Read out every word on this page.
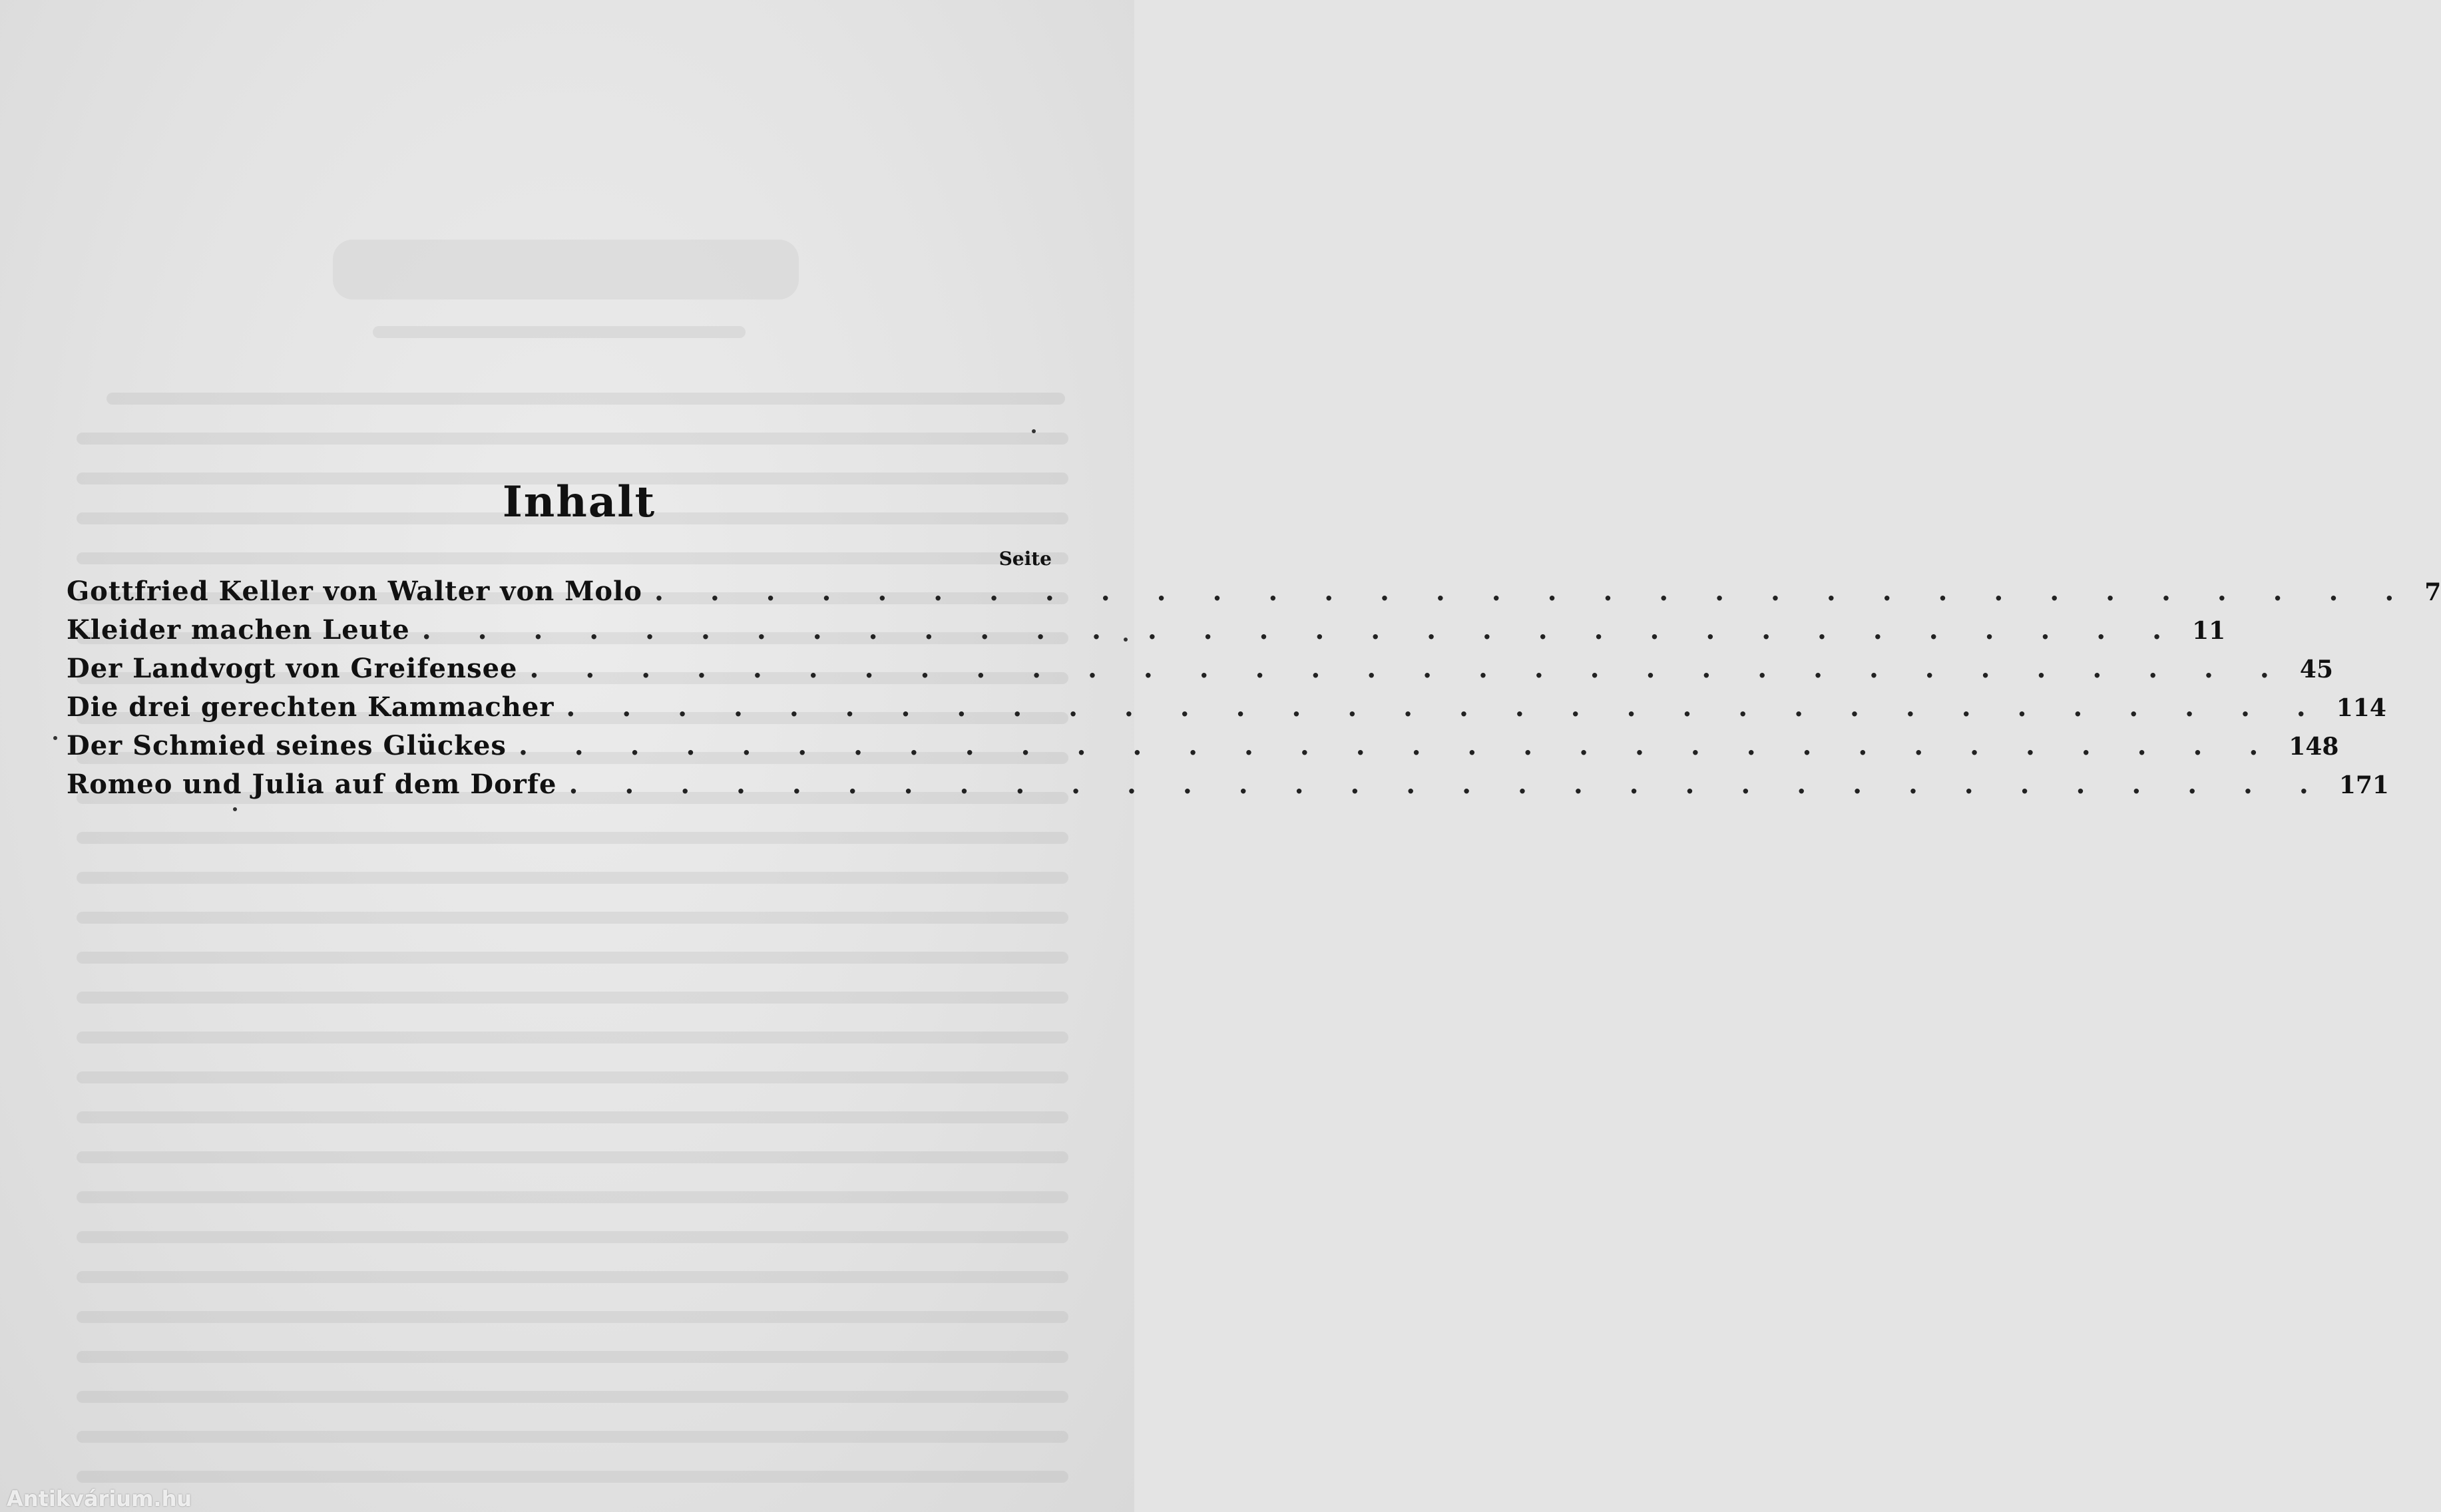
Inhalt
Seite
Gottfried Keller von Walter von Molo . . . . . . . . . . . . . . . . . . . . . . . . . . . . . . . . 7
Kleider machen Leute . . . . . . . . . . . . . . . . . . . . . . . . . . . . . . . . 11
Der Landvogt von Greifensee . . . . . . . . . . . . . . . . . . . . . . . . . . . . . . . . 45
Die drei gerechten Kammacher . . . . . . . . . . . . . . . . . . . . . . . . . . . . . . . . 114
Der Schmied seines Glückes . . . . . . . . . . . . . . . . . . . . . . . . . . . . . . . . 148
Romeo und Julia auf dem Dorfe . . . . . . . . . . . . . . . . . . . . . . . . . . . . . . . . 171
Antikvárium.hu
